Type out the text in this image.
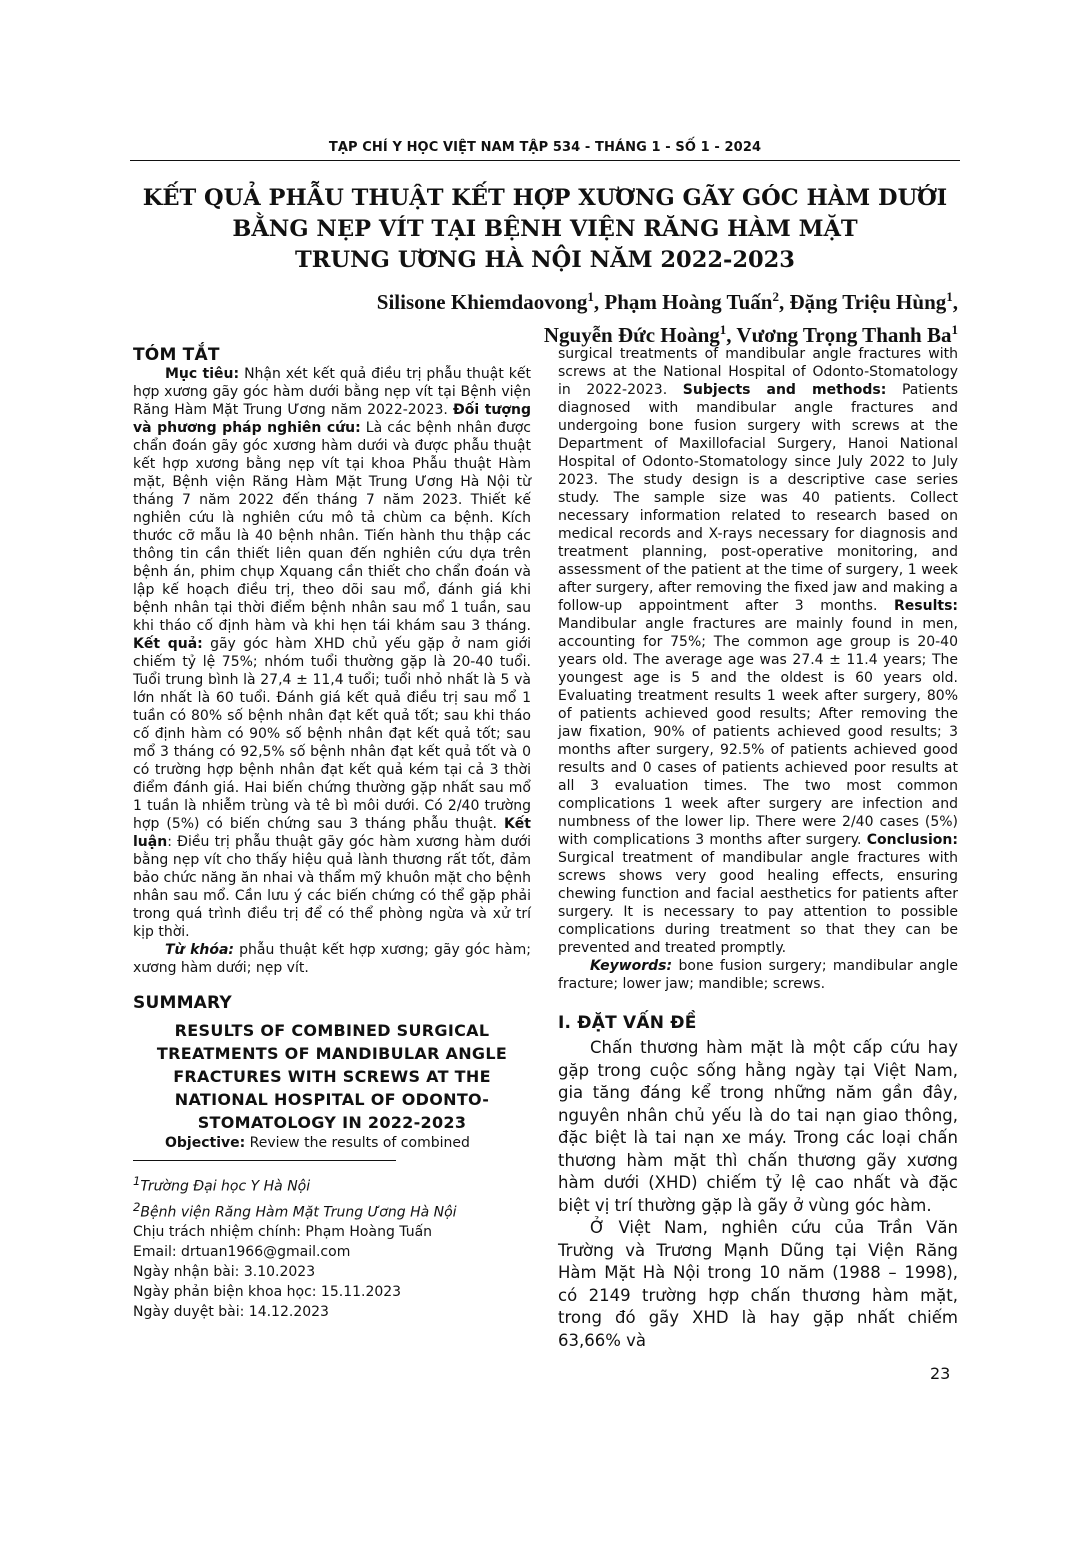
TẠP CHÍ Y HỌC VIỆT NAM TẬP 534 - THÁNG 1 - SỐ 1 - 2024
KẾT QUẢ PHẪU THUẬT KẾT HỢP XƯƠNG GÃY GÓC HÀM DƯỚI
BẰNG NẸP VÍT TẠI BỆNH VIỆN RĂNG HÀM MẶT
TRUNG ƯƠNG HÀ NỘI NĂM 2022-2023
Silisone Khiemdaovong$^1$, Phạm Hoàng Tuấn$^2$, Đặng Triệu Hùng$^1$,
Nguyễn Đức Hoàng$^1$, Vương Trọng Thanh Ba$^1$
TÓM TẮT

Mục tiêu: Nhận xét kết quả điều trị phẫu thuật kết hợp xương gãy góc hàm dưới bằng nẹp vít tại Bệnh viện Răng Hàm Mặt Trung Ương năm 2022-2023. Đối tượng và phương pháp nghiên cứu: Là các bệnh nhân được chẩn đoán gãy góc xương hàm dưới và được phẫu thuật kết hợp xương bằng nẹp vít tại khoa Phẫu thuật Hàm mặt, Bệnh viện Răng Hàm Mặt Trung Ương Hà Nội từ tháng 7 năm 2022 đến tháng 7 năm 2023. Thiết kế nghiên cứu là nghiên cứu mô tả chùm ca bệnh. Kích thước cỡ mẫu là 40 bệnh nhân. Tiến hành thu thập các thông tin cần thiết liên quan đến nghiên cứu dựa trên bệnh án, phim chụp Xquang cần thiết cho chẩn đoán và lập kế hoạch điều trị, theo dõi sau mổ, đánh giá khi bệnh nhân tại thời điểm bệnh nhân sau mổ 1 tuần, sau khi tháo cố định hàm và khi hẹn tái khám sau 3 tháng. Kết quả: gãy góc hàm XHD chủ yếu gặp ở nam giới chiếm tỷ lệ 75%; nhóm tuổi thường gặp là 20-40 tuổi. Tuổi trung bình là 27,4 ± 11,4 tuổi; tuổi nhỏ nhất là 5 và lớn nhất là 60 tuổi. Đánh giá kết quả điều trị sau mổ 1 tuần có 80% số bệnh nhân đạt kết quả tốt; sau khi tháo cố định hàm có 90% số bệnh nhân đạt kết quả tốt; sau mổ 3 tháng có 92,5% số bệnh nhân đạt kết quả tốt và 0 có trường hợp bệnh nhân đạt kết quả kém tại cả 3 thời điểm đánh giá. Hai biến chứng thường gặp nhất sau mổ 1 tuần là nhiễm trùng và tê bì môi dưới. Có 2/40 trường hợp (5%) có biến chứng sau 3 tháng phẫu thuật. Kết luận: Điều trị phẫu thuật gãy góc hàm xương hàm dưới bằng nẹp vít cho thấy hiệu quả lành thương rất tốt, đảm bảo chức năng ăn nhai và thẩm mỹ khuôn mặt cho bệnh nhân sau mổ. Cần lưu ý các biến chứng có thể gặp phải trong quá trình điều trị để có thể phòng ngừa và xử trí kịp thời.

Từ khóa: phẫu thuật kết hợp xương; gãy góc hàm; xương hàm dưới; nẹp vít.

SUMMARY
RESULTS OF COMBINED SURGICAL TREATMENTS OF MANDIBULAR ANGLE FRACTURES WITH SCREWS AT THE NATIONAL HOSPITAL OF ODONTO-STOMATOLOGY IN 2022-2023

Objective: Review the results of combined

$^1$Trường Đại học Y Hà Nội
$^2$Bệnh viện Răng Hàm Mặt Trung Ương Hà Nội
Chịu trách nhiệm chính: Phạm Hoàng Tuấn
Email: drtuan1966@gmail.com
Ngày nhận bài: 3.10.2023
Ngày phản biện khoa học: 15.11.2023
Ngày duyệt bài: 14.12.2023

surgical treatments of mandibular angle fractures with screws at the National Hospital of Odonto-Stomatology in 2022-2023. Subjects and methods: Patients diagnosed with mandibular angle fractures and undergoing bone fusion surgery with screws at the Department of Maxillofacial Surgery, Hanoi National Hospital of Odonto-Stomatology since July 2022 to July 2023. The study design is a descriptive case series study. The sample size was 40 patients. Collect necessary information related to research based on medical records and X-rays necessary for diagnosis and treatment planning, post-operative monitoring, and assessment of the patient at the time of surgery, 1 week after surgery, after removing the fixed jaw and making a follow-up appointment after 3 months. Results: Mandibular angle fractures are mainly found in men, accounting for 75%; The common age group is 20-40 years old. The average age was 27.4 ± 11.4 years; The youngest age is 5 and the oldest is 60 years old. Evaluating treatment results 1 week after surgery, 80% of patients achieved good results; After removing the jaw fixation, 90% of patients achieved good results; 3 months after surgery, 92.5% of patients achieved good results and 0 cases of patients achieved poor results at all 3 evaluation times. The two most common complications 1 week after surgery are infection and numbness of the lower lip. There were 2/40 cases (5%) with complications 3 months after surgery. Conclusion: Surgical treatment of mandibular angle fractures with screws shows very good healing effects, ensuring chewing function and facial aesthetics for patients after surgery. It is necessary to pay attention to possible complications during treatment so that they can be prevented and treated promptly.

Keywords: bone fusion surgery; mandibular angle fracture; lower jaw; mandible; screws.

I. ĐẶT VẤN ĐỀ

Chấn thương hàm mặt là một cấp cứu hay gặp trong cuộc sống hằng ngày tại Việt Nam, gia tăng đáng kể trong những năm gần đây, nguyên nhân chủ yếu là do tai nạn giao thông, đặc biệt là tai nạn xe máy. Trong các loại chấn thương hàm mặt thì chấn thương gãy xương hàm dưới (XHD) chiếm tỷ lệ cao nhất và đặc biệt vị trí thường gặp là gãy ở vùng góc hàm.

Ở Việt Nam, nghiên cứu của Trần Văn Trường và Trương Mạnh Dũng tại Viện Răng Hàm Mặt Hà Nội trong 10 năm (1988 – 1998), có 2149 trường hợp chấn thương hàm mặt, trong đó gãy XHD là hay gặp nhất chiếm 63,66% và

23
